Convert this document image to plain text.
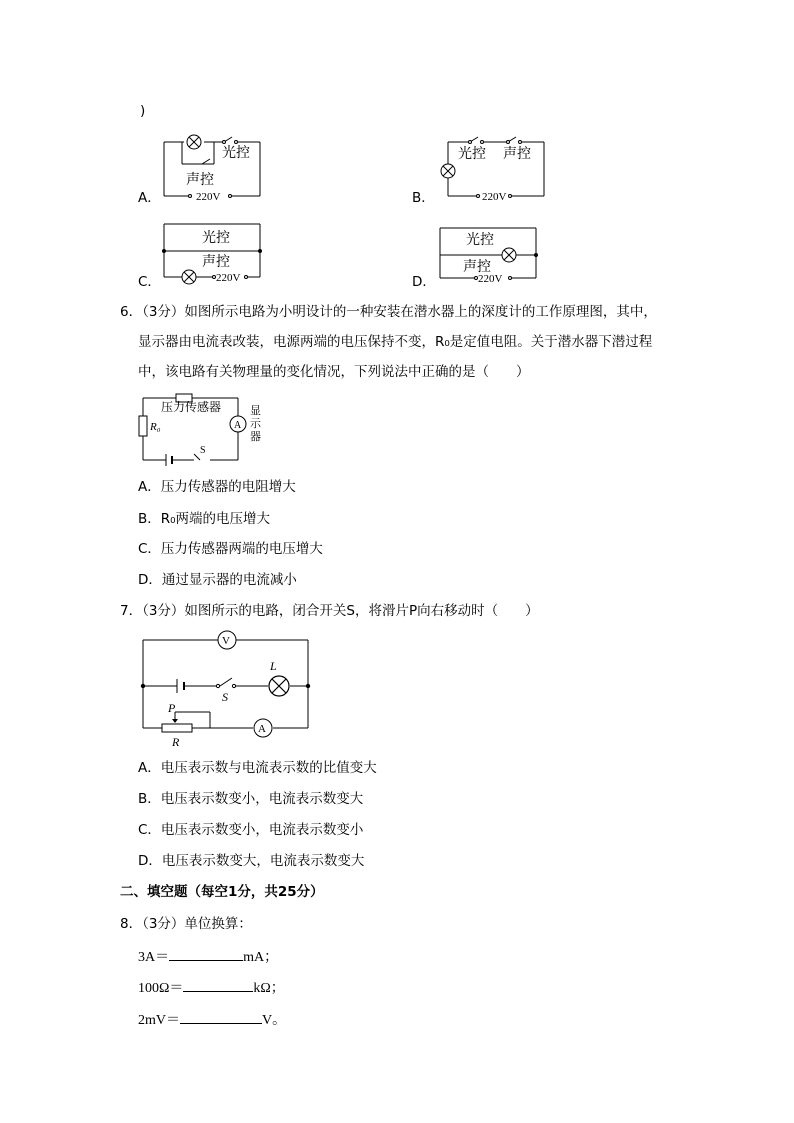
)
A．
光控
声控
220V	B．
光控 声控
220V
C．
光控
声控
220V	D．
光控
声控
220V
6．（3分）如图所示电路为小明设计的一种安装在潜水器上的深度计的工作原理图，其中，
显示器由电流表改装，电源两端的电压保持不变，R₀是定值电阻。关于潜水器下潜过程
中，该电路有关物理量的变化情况，下列说法中正确的是（　　）
A
压力传感器
R₀
显
示
器
S
A．压力传感器的电阻增大
B．R₀两端的电压增大
C．压力传感器两端的电压增大
D．通过显示器的电流减小
7．（3分）如图所示的电路，闭合开关S，将滑片P向右移动时（　　）
V
A
S
L
P
R
A．电压表示数与电流表示数的比值变大
B．电压表示数变小，电流表示数变大
C．电压表示数变小，电流表示数变小
D．电压表示数变大，电流表示数变大
二、填空题（每空1分，共25分）
8．（3分）单位换算：
3A＝	mA；
100Ω＝	kΩ；
2mV＝	V。
